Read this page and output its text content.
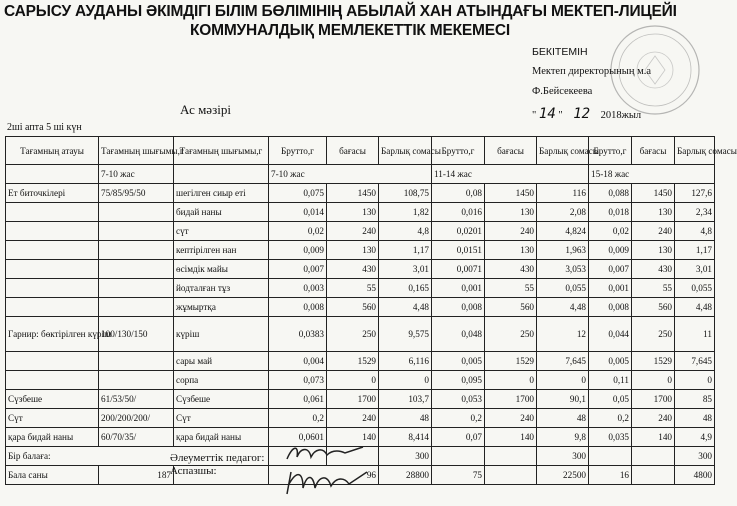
САРЫСУ АУДАНЫ ӘКІМДІГІ БІЛІМ БӨЛІМІНІҢ АБЫЛАЙ ХАН АТЫНДАҒЫ МЕКТЕП-ЛИЦЕЙІ
КОММУНАЛДЫҚ МЕМЛЕКЕТТІК МЕКЕМЕСІ
БЕКІТЕМІН
Мектеп директорының м.а
Ф.Бейсекеева
" 14 " 12 2018жыл
Ас мәзірі
2ші апта 5 ші күн
Тағамның атауы	Тағамның шығымы,г	Тағамның шығымы,г	Брутто,г	бағасы	Барлық сомасы	Брутто,г	бағасы	Барлық сомасы	Брутто,г	бағасы	Барлық сомасы
	7-10 жас		7-10 жас			11-14 жас			15-18 жас		
Ет биточкілері	75/85/95/50	шегілген сиыр еті	0,075	1450	108,75	0,08	1450	116	0,088	1450	127,6
		бидай наны	0,014	130	1,82	0,016	130	2,08	0,018	130	2,34
		сүт	0,02	240	4,8	0,0201	240	4,824	0,02	240	4,8
		кептірілген нан	0,009	130	1,17	0,0151	130	1,963	0,009	130	1,17
		өсімдік майы	0,007	430	3,01	0,0071	430	3,053	0,007	430	3,01
		йодталған тұз	0,003	55	0,165	0,001	55	0,055	0,001	55	0,055
		жұмыртқа	0,008	560	4,48	0,008	560	4,48	0,008	560	4,48
Гарнир: бөктірілген күріш	100/130/150	күріш	0,0383	250	9,575	0,048	250	12	0,044	250	11
		сары май	0,004	1529	6,116	0,005	1529	7,645	0,005	1529	7,645
		сорпа	0,073	0	0	0,095	0	0	0,11	0	0
Сүзбеше	61/53/50/	Сүзбеше	0,061	1700	103,7	0,053	1700	90,1	0,05	1700	85
Сүт	200/200/200/	Сүт	0,2	240	48	0,2	240	48	0,2	240	48
қара бидай наны	60/70/35/	қара бидай наны	0,0601	140	8,414	0,07	140	9,8	0,035	140	4,9
Бір балаға:					300			300			300
Бала саны	187		96		28800	75		22500	16		4800
Әлеуметтік педагог:
Аспазшы:
